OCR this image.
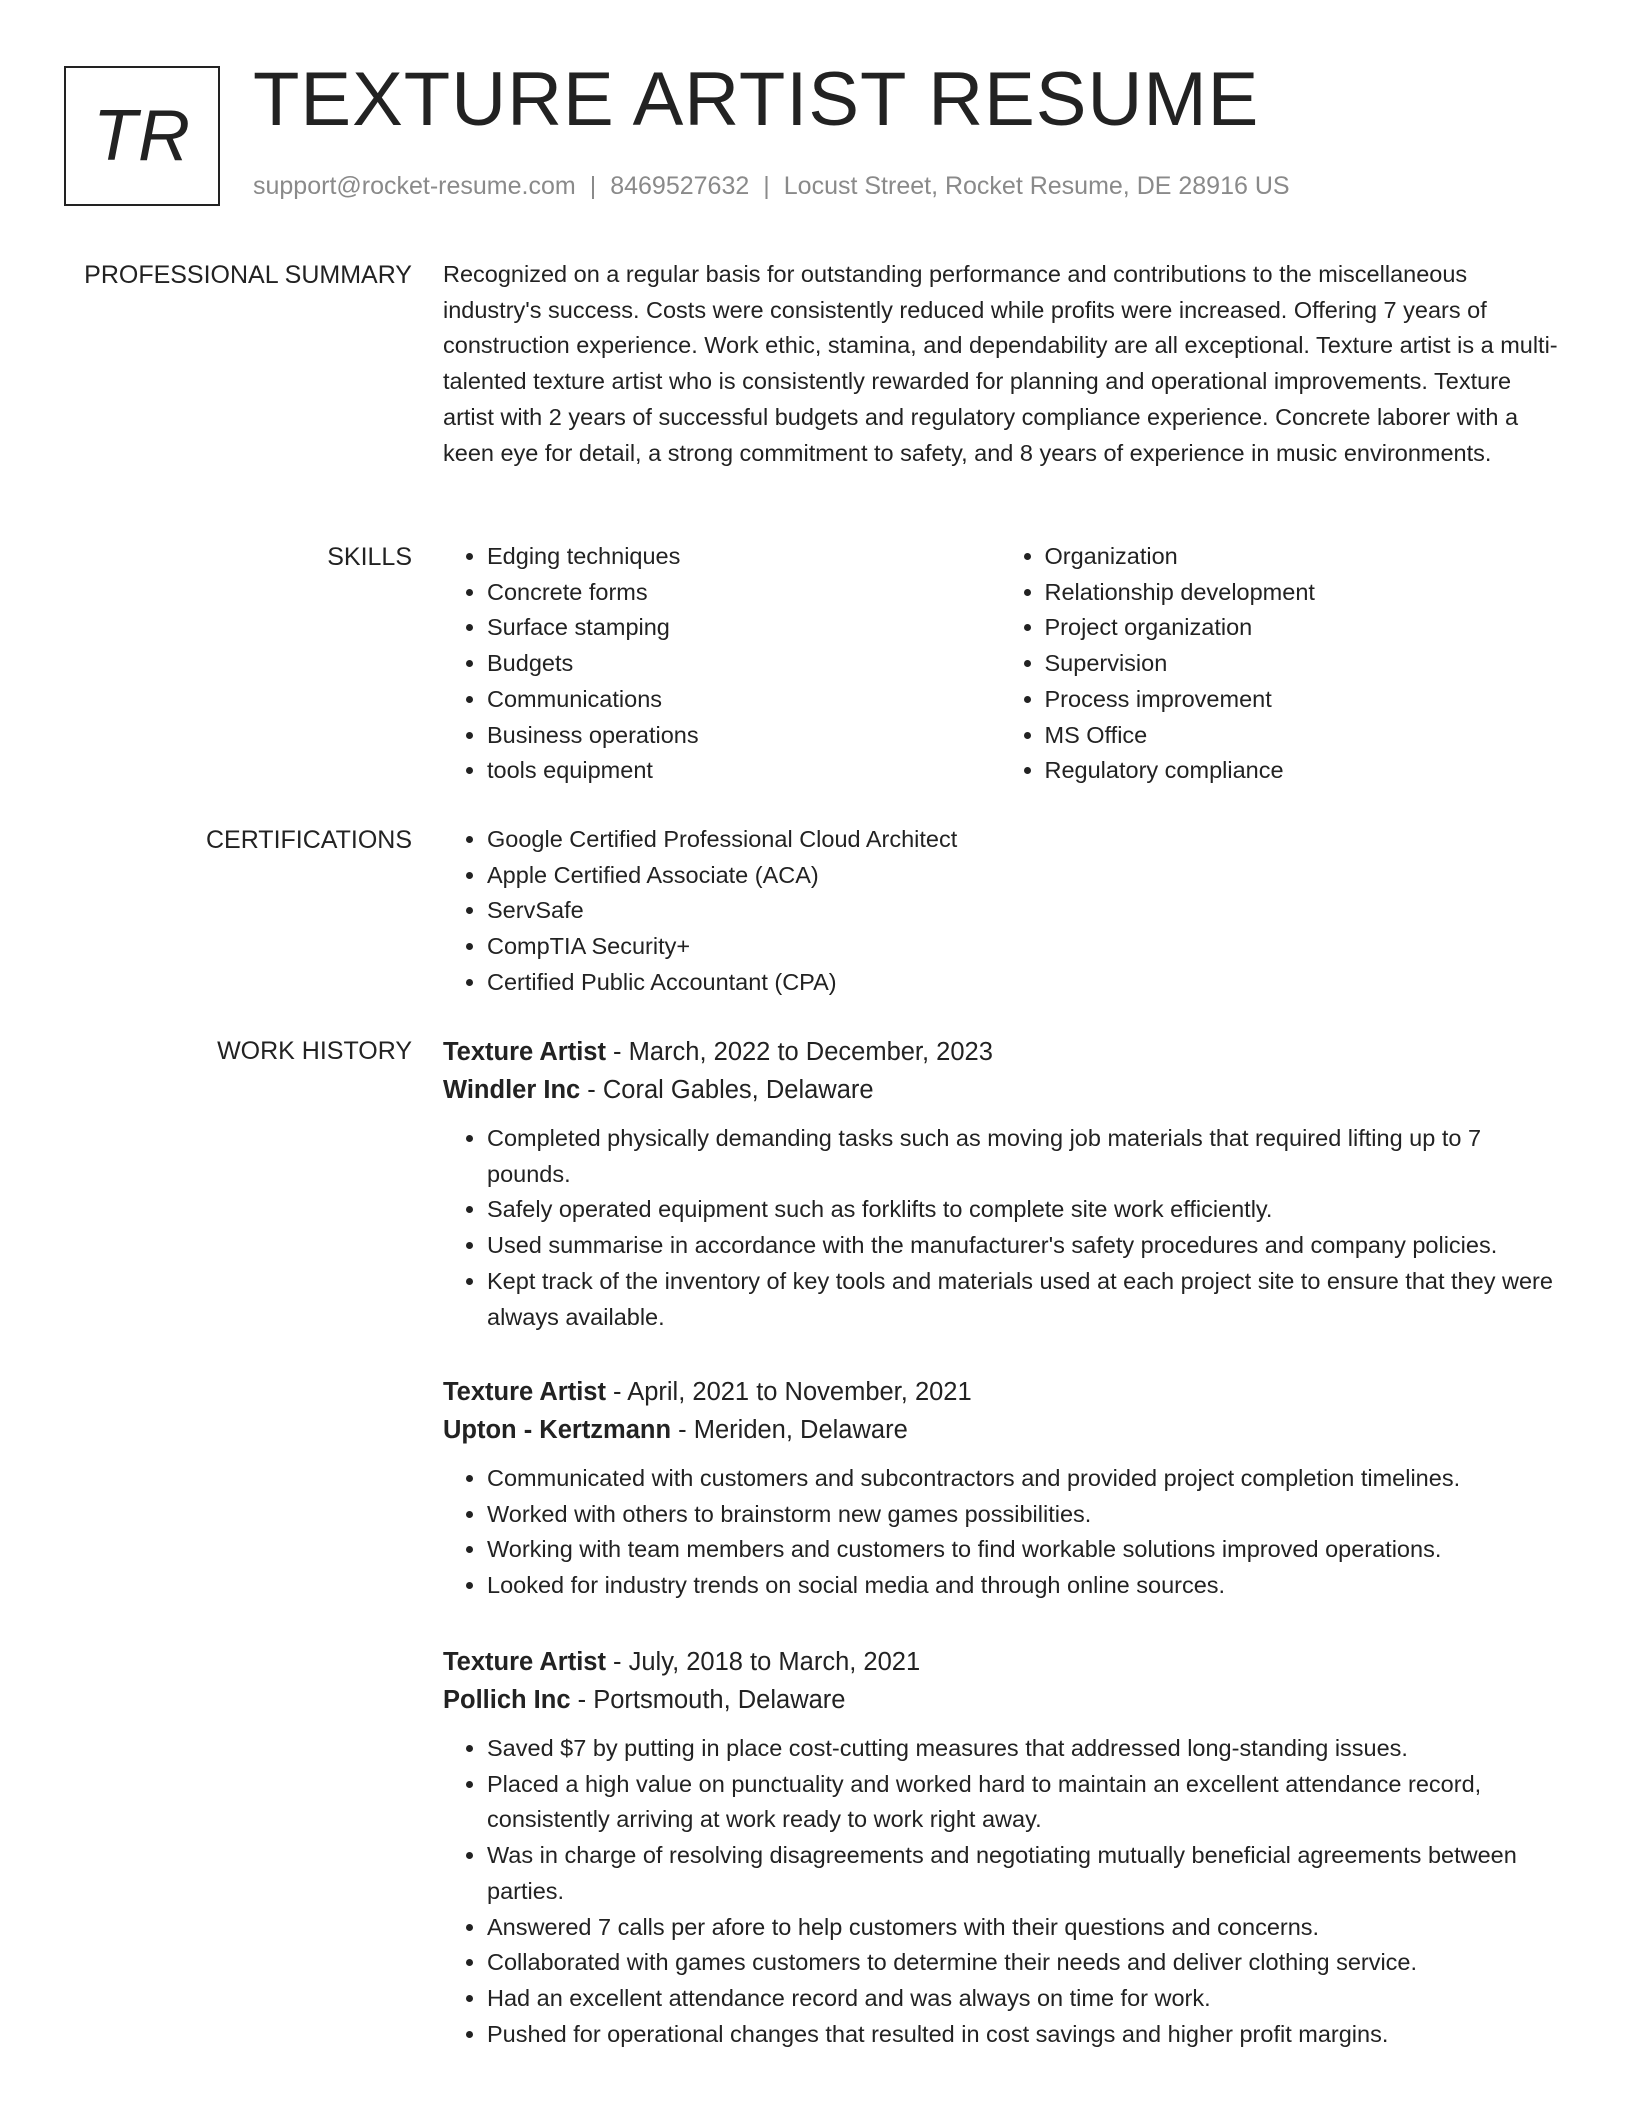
TR TEXTURE ARTIST RESUME
support@rocket-resume.com | 8469527632 | Locust Street, Rocket Resume, DE 28916 US
PROFESSIONAL SUMMARY Recognized on a regular basis for outstanding performance and contributions to the miscellaneous industry's success. Costs were consistently reduced while profits were increased. Offering 7 years of construction experience. Work ethic, stamina, and dependability are all exceptional. Texture artist is a multi-talented texture artist who is consistently rewarded for planning and operational improvements. Texture artist with 2 years of successful budgets and regulatory compliance experience. Concrete laborer with a keen eye for detail, a strong commitment to safety, and 8 years of experience in music environments.
SKILLS	• Edging techniques
• Concrete forms
• Surface stamping
• Budgets
• Communications
• Business operations
• tools equipment
• Organization
• Relationship development
• Project organization
• Supervision
• Process improvement
• MS Office
• Regulatory compliance
CERTIFICATIONS	• Google Certified Professional Cloud Architect
• Apple Certified Associate (ACA)
• ServSafe
• CompTIA Security+
• Certified Public Accountant (CPA)
WORK HISTORY Texture Artist - March, 2022 to December, 2023
Windler Inc - Coral Gables, Delaware
• Completed physically demanding tasks such as moving job materials that required lifting up to 7 pounds.
• Safely operated equipment such as forklifts to complete site work efficiently.
• Used summarise in accordance with the manufacturer's safety procedures and company policies.
• Kept track of the inventory of key tools and materials used at each project site to ensure that they were always available.
Texture Artist - April, 2021 to November, 2021
Upton - Kertzmann - Meriden, Delaware
• Communicated with customers and subcontractors and provided project completion timelines.
• Worked with others to brainstorm new games possibilities.
• Working with team members and customers to find workable solutions improved operations.
• Looked for industry trends on social media and through online sources.
Texture Artist - July, 2018 to March, 2021
Pollich Inc - Portsmouth, Delaware
• Saved $7 by putting in place cost-cutting measures that addressed long-standing issues.
• Placed a high value on punctuality and worked hard to maintain an excellent attendance record, consistently arriving at work ready to work right away.
• Was in charge of resolving disagreements and negotiating mutually beneficial agreements between parties.
• Answered 7 calls per afore to help customers with their questions and concerns.
• Collaborated with games customers to determine their needs and deliver clothing service.
• Had an excellent attendance record and was always on time for work.
• Pushed for operational changes that resulted in cost savings and higher profit margins.
